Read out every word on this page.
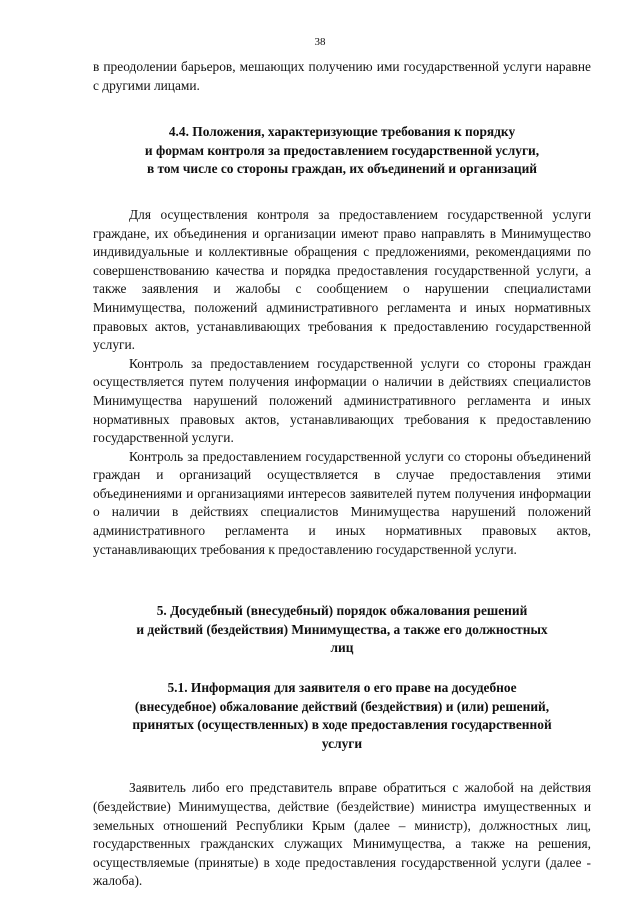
38

в преодолении барьеров, мешающих получению ими государственной услуги наравне с другими лицами.

4.4. Положения, характеризующие требования к порядку
и формам контроля за предоставлением государственной услуги,
в том числе со стороны граждан, их объединений и организаций

Для осуществления контроля за предоставлением государственной услуги граждане, их объединения и организации имеют право направлять в Минимущество индивидуальные и коллективные обращения с предложениями, рекомендациями по совершенствованию качества и порядка предоставления государственной услуги, а также заявления и жалобы с сообщением о нарушении специалистами Минимущества, положений административного регламента и иных нормативных правовых актов, устанавливающих требования к предоставлению государственной услуги.

Контроль за предоставлением государственной услуги со стороны граждан осуществляется путем получения информации о наличии в действиях специалистов Минимущества нарушений положений административного регламента и иных нормативных правовых актов, устанавливающих требования к предоставлению государственной услуги.

Контроль за предоставлением государственной услуги со стороны объединений граждан и организаций осуществляется в случае предоставления этими объединениями и организациями интересов заявителей путем получения информации о наличии в действиях специалистов Минимущества нарушений положений административного регламента и иных нормативных правовых актов, устанавливающих требования к предоставлению государственной услуги.

5. Досудебный (внесудебный) порядок обжалования решений
и действий (бездействия) Минимущества, а также его должностных
лиц
5.1. Информация для заявителя о его праве на досудебное
(внесудебное) обжалование действий (бездействия) и (или) решений,
принятых (осуществленных) в ходе предоставления государственной
услуги

Заявитель либо его представитель вправе обратиться с жалобой на действия (бездействие) Минимущества, действие (бездействие) министра имущественных и земельных отношений Республики Крым (далее – министр), должностных лиц, государственных гражданских служащих Минимущества, а также на решения, осуществляемые (принятые) в ходе предоставления государственной услуги (далее - жалоба).
